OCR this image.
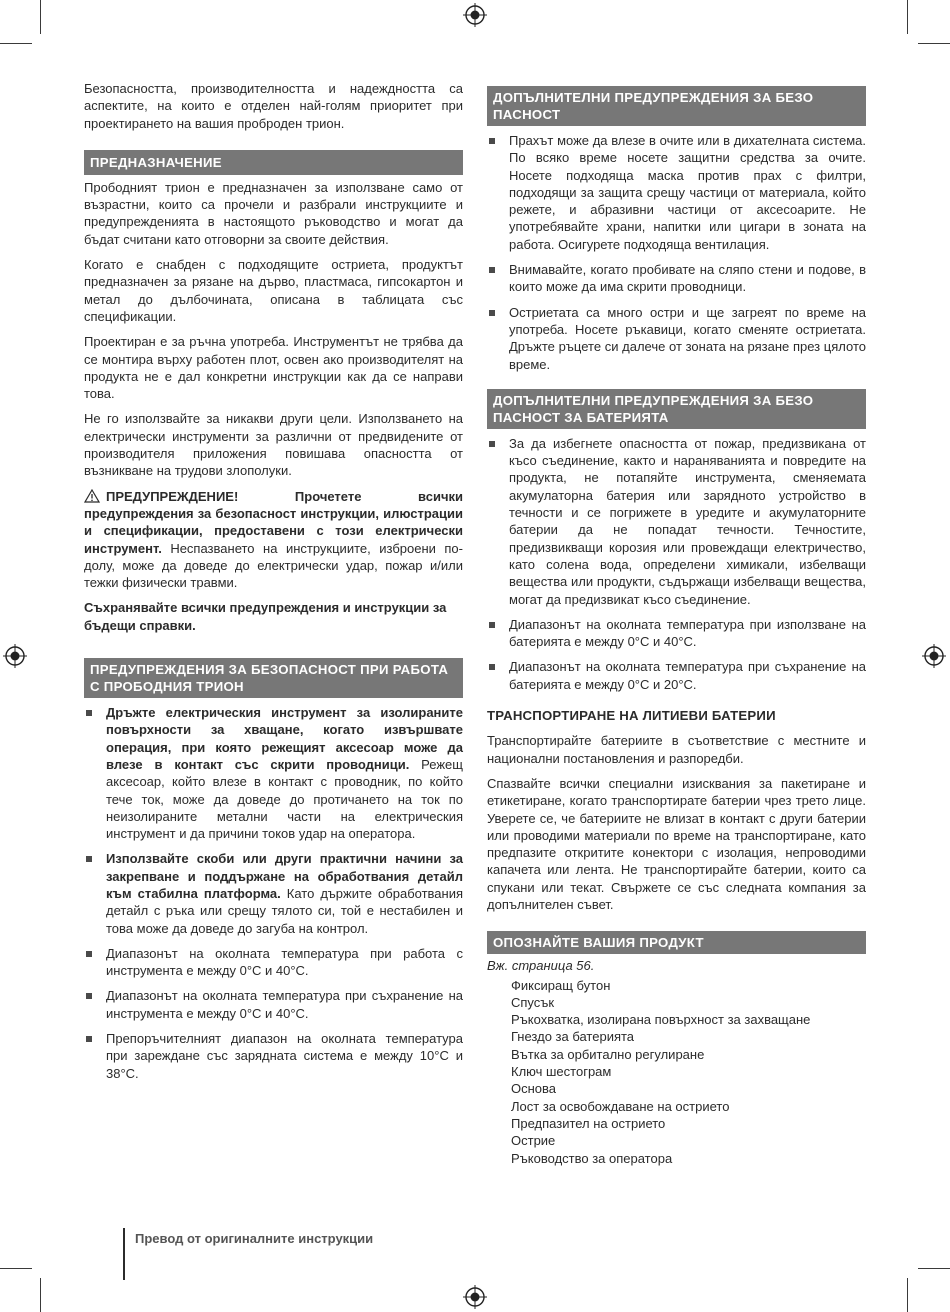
Безопасността, производителността и надеждността са аспектите, на които е отделен най-голям приоритет при проектирането на вашия проброден трион.

ПРЕДНАЗНАЧЕНИЕ

Прободният трион е предназначен за използване само от възрастни, които са прочели и разбрали инструкциите и предупрежденията в настоящото ръководство и могат да бъдат считани като отговорни за своите действия.

Когато е снабден с подходящите остриета, продуктът предназначен за рязане на дърво, пластмаса, гипсокартон и метал до дълбочината, описана в таблицата със спецификации.

Проектиран е за ръчна употреба. Инструментът не трябва да се монтира върху работен плот, освен ако производителят на продукта не е дал конкретни инструкции как да се направи това.

Не го използвайте за никакви други цели. Използването на електрически инструменти за различни от предвидените от производителя приложения повишава опасността от възникване на трудови злополуки.

ПРЕДУПРЕЖДЕНИЕ! Прочетете всички предупреждения за безопасност инструкции, илюстрации и спецификации, предоставени с този електрически инструмент. Неспазването на инструкциите, изброени по-долу, може да доведе до електрически удар, пожар и/или тежки физически травми.

Съхранявайте всички предупреждения и инструкции за бъдещи справки.

ПРЕДУПРЕЖДЕНИЯ ЗА БЕЗОПАСНОСТ ПРИ РАБОТА С ПРОБОДНИЯ ТРИОН
Дръжте електрическия инструмент за изолираните повърхности за хващане, когато извършвате операция, при която режещият аксесоар може да влезе в контакт със скрити проводници. Режещ аксесоар, който влезе в контакт с проводник, по който тече ток, може да доведе до протичането на ток по неизолираните метални части на електрическия инструмент и да причини токов удар на оператора.
Използвайте скоби или други практични начини за закрепване и поддържане на обработвания детайл към стабилна платформа. Като държите обработвания детайл с ръка или срещу тялото си, той е нестабилен и това може да доведе до загуба на контрол.
Диапазонът на околната температура при работа с инструмента е между 0°C и 40°C.
Диапазонът на околната температура при съхранение на инструмента е между 0°C и 40°C.
Препоръчителният диапазон на околната температура при зареждане със зарядната система е между 10°C и 38°C.
ДОПЪЛНИТЕЛНИ ПРЕДУПРЕЖДЕНИЯ ЗА БЕЗО ПАСНОСТ
Прахът може да влезе в очите или в дихателната система. По всяко време носете защитни средства за очите. Носете подходяща маска против прах с филтри, подходящи за защита срещу частици от материала, който режете, и абразивни частици от аксесоарите. Не употребявайте храни, напитки или цигари в зоната на работа. Осигурете подходяща вентилация.
Внимавайте, когато пробивате на сляпо стени и подове, в които може да има скрити проводници.
Остриетата са много остри и ще загреят по време на употреба. Носете ръкавици, когато сменяте остриетата. Дръжте ръцете си далече от зоната на рязане през цялото време.
ДОПЪЛНИТЕЛНИ ПРЕДУПРЕЖДЕНИЯ ЗА БЕЗО ПАСНОСТ ЗА БАТЕРИЯТА
За да избегнете опасността от пожар, предизвикана от късо съединение, както и нараняванията и повредите на продукта, не потапяйте инструмента, сменяемата акумулаторна батерия или зарядното устройство в течности и се погрижете в уредите и акумулаторните батерии да не попадат течности. Течностите, предизвикващи корозия или провеждащи електричество, като солена вода, определени химикали, избелващи вещества или продукти, съдържащи избелващи вещества, могат да предизвикат късо съединение.
Диапазонът на околната температура при използване на батерията е между 0°C и 40°C.
Диапазонът на околната температура при съхранение на батерията е между 0°C и 20°C.
ТРАНСПОРТИРАНЕ НА ЛИТИЕВИ БАТЕРИИ

Транспортирайте батериите в съответствие с местните и национални постановления и разпоредби.

Спазвайте всички специални изисквания за пакетиране и етикетиране, когато транспортирате батерии чрез трето лице. Уверете се, че батериите не влизат в контакт с други батерии или проводими материали по време на транспортиране, като предпазите откритите конектори с изолация, непроводими капачета или лента. Не транспортирайте батерии, които са спукани или текат. Свържете се със следната компания за допълнителен съвет.

ОПОЗНАЙТЕ ВАШИЯ ПРОДУКТ
Вж. страница 56.
Фиксиращ бутон
Спусък
Ръкохватка, изолирана повърхност за захващане
Гнездо за батерията
Вътка за орбитално регулиране
Ключ шестограм
Основа
Лост за освобождаване на острието
Предпазител на острието
Острие
Ръководство за оператора
Превод от оригиналните инструкции
